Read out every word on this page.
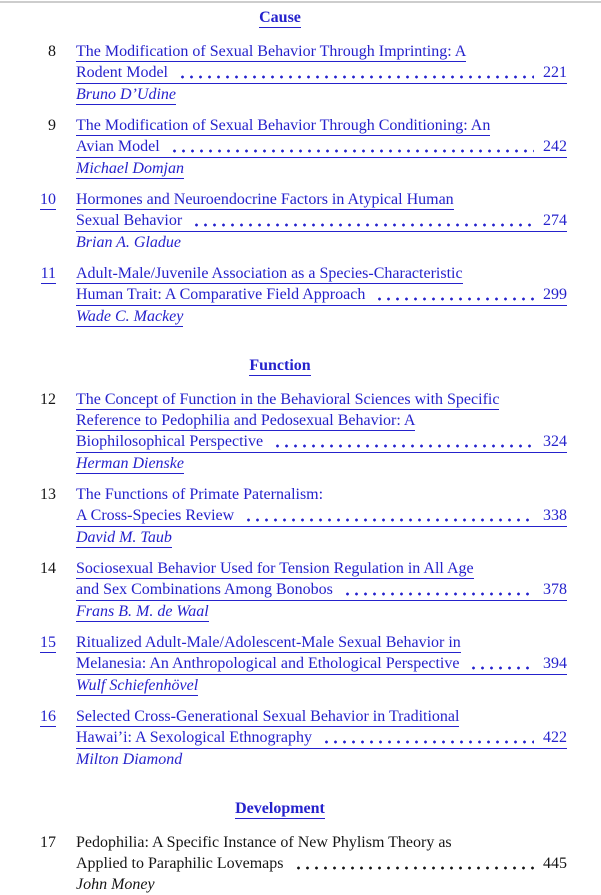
Cause
8 The Modification of Sexual Behavior Through Imprinting: A
Rodent Model	221
Bruno D’Udine
9 The Modification of Sexual Behavior Through Conditioning: An
Avian Model	242
Michael Domjan
10 Hormones and Neuroendocrine Factors in Atypical Human
Sexual Behavior	274
Brian A. Gladue
11 Adult-Male/Juvenile Association as a Species-Characteristic
Human Trait: A Comparative Field Approach	299
Wade C. Mackey
Function
12 The Concept of Function in the Behavioral Sciences with Specific
Reference to Pedophilia and Pedosexual Behavior: A
Biophilosophical Perspective	324
Herman Dienske
13 The Functions of Primate Paternalism:
A Cross-Species Review	338
David M. Taub
14 Sociosexual Behavior Used for Tension Regulation in All Age
and Sex Combinations Among Bonobos	378
Frans B. M. de Waal
15 Ritualized Adult-Male/Adolescent-Male Sexual Behavior in
Melanesia: An Anthropological and Ethological Perspective	394
Wulf Schiefenhövel
16 Selected Cross-Generational Sexual Behavior in Traditional
Hawai’i: A Sexological Ethnography	422
Milton Diamond
Development
17 Pedophilia: A Specific Instance of New Phylism Theory as
Applied to Paraphilic Lovemaps	445
John Money
